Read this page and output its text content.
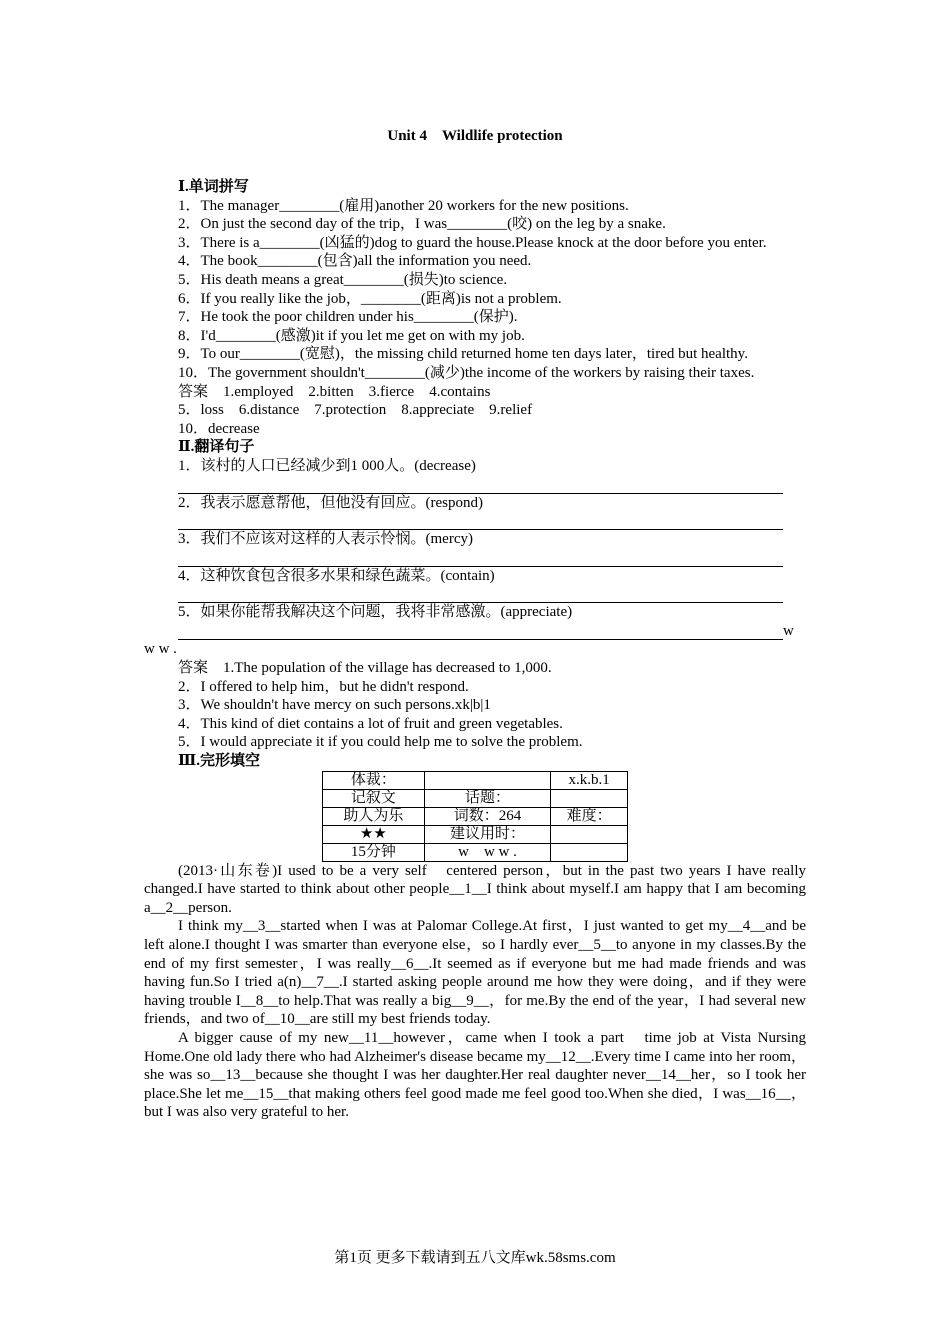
Unit 4　Wildlife protection

Ⅰ.单词拼写

1．The manager________(雇用)another 20 workers for the new positions.

2．On just the second day of the trip，I was________(咬) on the leg by a snake.

3．There is a________(凶猛的)dog to guard the house.Please knock at the door before you enter.

4．The book________(包含)all the information you need.

5．His death means a great________(损失)to science.

6．If you really like the job，________(距离)is not a problem.

7．He took the poor children under his________(保护).

8．I'd________(感激)it if you let me get on with my job.

9．To our________(宽慰)，the missing child returned home ten days later，tired but healthy.

10．The government shouldn't________(减少)the income of the workers by raising their taxes.

答案　1.employed　2.bitten　3.fierce　4.contains

5．loss　6.distance　7.protection　8.appreciate　9.relief

10．decrease

Ⅱ.翻译句子

1．该村的人口已经减少到1 000人。(decrease)

2．我表示愿意帮他，但他没有回应。(respond)

3．我们不应该对这样的人表示怜悯。(mercy)

4．这种饮食包含很多水果和绿色蔬菜。(contain)

5．如果你能帮我解决这个问题，我将非常感激。(appreciate)

w

w w .

答案　1.The population of the village has decreased to 1,000.

2．I offered to help him，but he didn't respond.

3．We shouldn't have mercy on such persons.xk|b|1

4．This kind of diet contains a lot of fruit and green vegetables.

5．I would appreciate it if you could help me to solve the problem.

Ⅲ.完形填空

体裁：		x.k.b.1
记叙文	话题：	
助人为乐	词数：264	难度：
★★	建议用时：	
15分钟	w　w w .	

(2013·山东卷)I used to be a very self　centered person，but in the past two years I have really changed.I have started to think about other people__1__I think about myself.I am happy that I am becoming a__2__person.

I think my__3__started when I was at Palomar College.At first，I just wanted to get my__4__and be left alone.I thought I was smarter than everyone else，so I hardly ever__5__to anyone in my classes.By the end of my first semester，I was really__6__.It seemed as if everyone but me had made friends and was having fun.So I tried a(n)__7__.I started asking people around me how they were doing，and if they were having trouble I__8__to help.That was really a big__9__，for me.By the end of the year，I had several new friends，and two of__10__are still my best friends today.

A bigger cause of my new__11__however，came when I took a part　time job at Vista Nursing Home.One old lady there who had Alzheimer's disease became my__12__.Every time I came into her room，she was so__13__because she thought I was her daughter.Her real daughter never__14__her，so I took her place.She let me__15__that making others feel good made me feel good too.When she died，I was__16__，but I was also very grateful to her.

第1页 更多下载请到五八文库wk.58sms.com
